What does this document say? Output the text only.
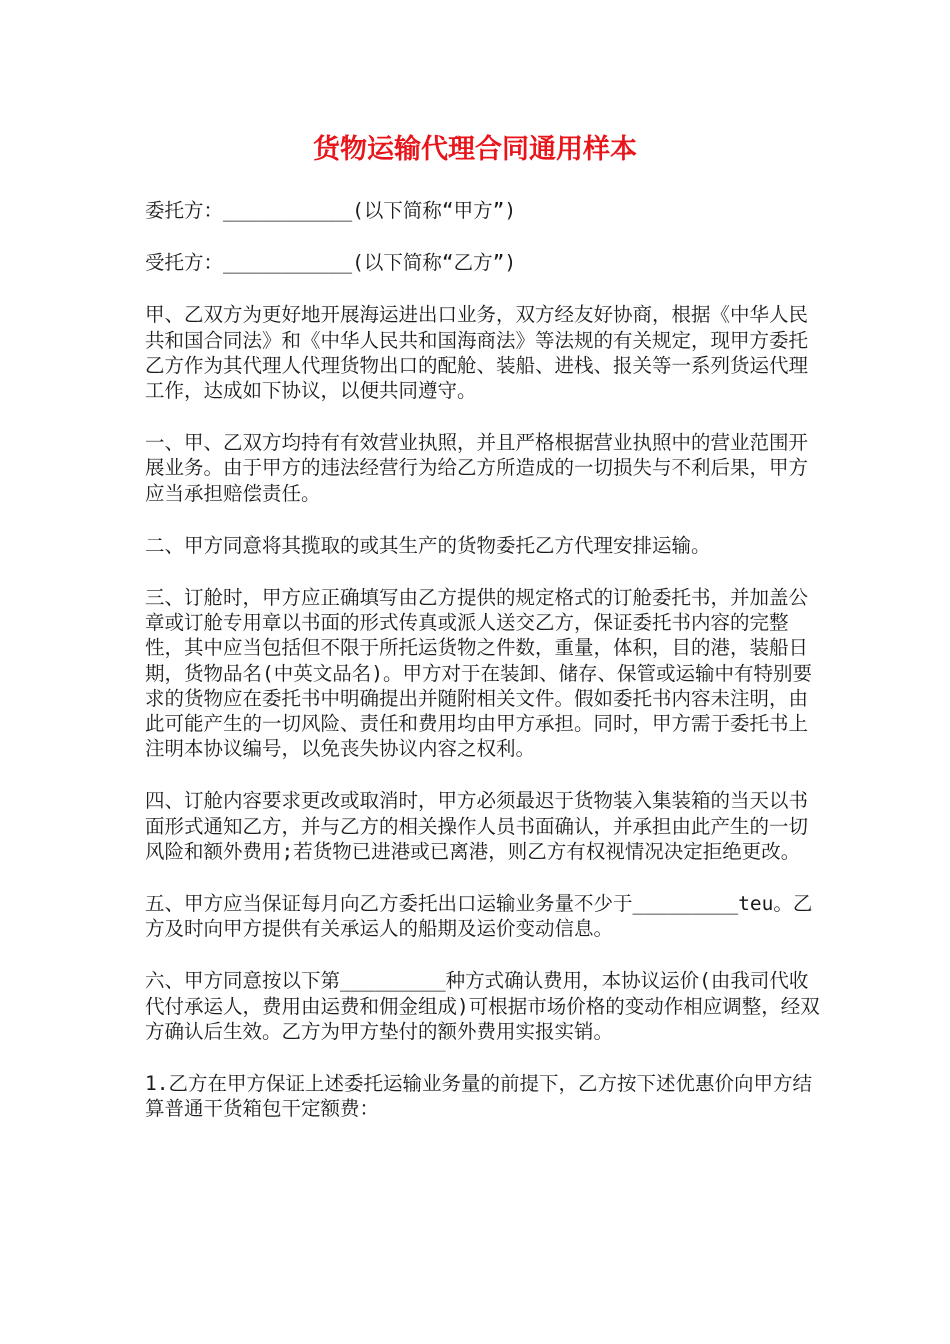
货物运输代理合同通用样本

委托方：___________(以下简称“甲方”)

受托方：___________(以下简称“乙方”)

甲、乙双方为更好地开展海运进出口业务，双方经友好协商，根据《中华人民共和国合同法》和《中华人民共和国海商法》等法规的有关规定，现甲方委托乙方作为其代理人代理货物出口的配舱、装船、进栈、报关等一系列货运代理工作，达成如下协议，以便共同遵守。

一、甲、乙双方均持有有效营业执照，并且严格根据营业执照中的营业范围开展业务。由于甲方的违法经营行为给乙方所造成的一切损失与不利后果，甲方应当承担赔偿责任。

二、甲方同意将其揽取的或其生产的货物委托乙方代理安排运输。

三、订舱时，甲方应正确填写由乙方提供的规定格式的订舱委托书，并加盖公章或订舱专用章以书面的形式传真或派人送交乙方，保证委托书内容的完整性，其中应当包括但不限于所托运货物之件数，重量，体积，目的港，装船日期，货物品名(中英文品名)。甲方对于在装卸、储存、保管或运输中有特别要求的货物应在委托书中明确提出并随附相关文件。假如委托书内容未注明，由此可能产生的一切风险、责任和费用均由甲方承担。同时，甲方需于委托书上注明本协议编号，以免丧失协议内容之权利。

四、订舱内容要求更改或取消时，甲方必须最迟于货物装入集装箱的当天以书面形式通知乙方，并与乙方的相关操作人员书面确认，并承担由此产生的一切风险和额外费用;若货物已进港或已离港，则乙方有权视情况决定拒绝更改。

五、甲方应当保证每月向乙方委托出口运输业务量不少于_________teu。乙方及时向甲方提供有关承运人的船期及运价变动信息。

六、甲方同意按以下第_________种方式确认费用，本协议运价(由我司代收代付承运人，费用由运费和佣金组成)可根据市场价格的变动作相应调整，经双方确认后生效。乙方为甲方垫付的额外费用实报实销。

1.乙方在甲方保证上述委托运输业务量的前提下，乙方按下述优惠价向甲方结算普通干货箱包干定额费：
